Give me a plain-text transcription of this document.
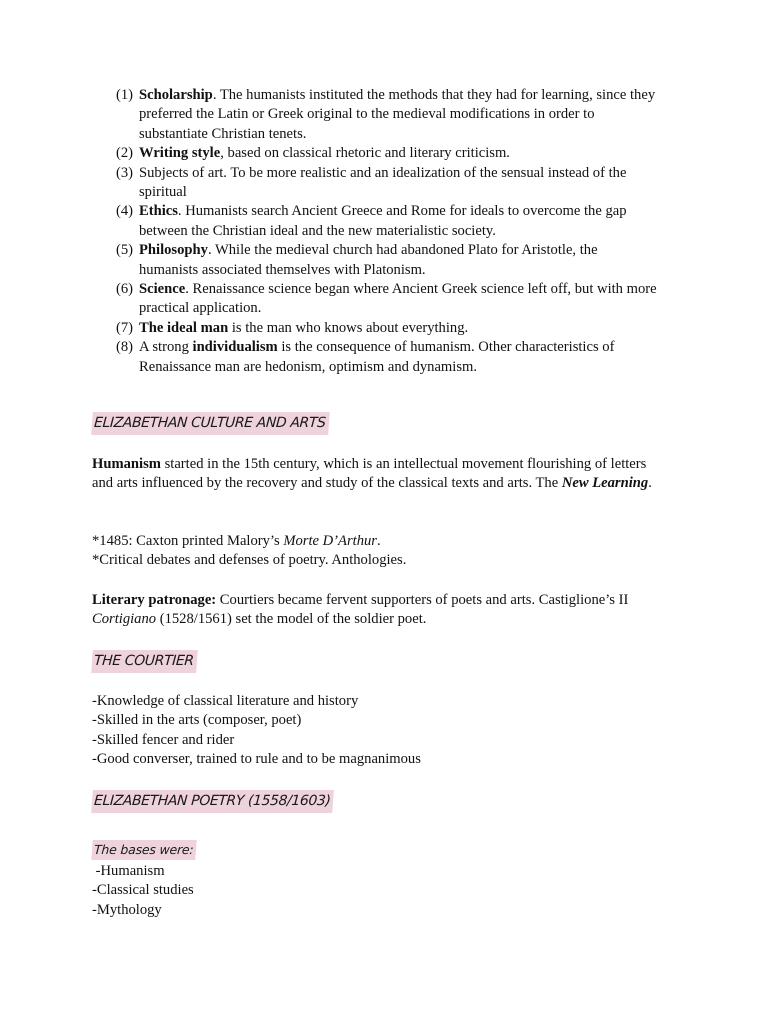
(1) Scholarship. The humanists instituted the methods that they had for learning, since they preferred the Latin or Greek original to the medieval modifications in order to substantiate Christian tenets.
(2) Writing style, based on classical rhetoric and literary criticism.
(3) Subjects of art. To be more realistic and an idealization of the sensual instead of the spiritual
(4) Ethics. Humanists search Ancient Greece and Rome for ideals to overcome the gap between the Christian ideal and the new materialistic society.
(5) Philosophy. While the medieval church had abandoned Plato for Aristotle, the humanists associated themselves with Platonism.
(6) Science. Renaissance science began where Ancient Greek science left off, but with more practical application.
(7) The ideal man is the man who knows about everything.
(8) A strong individualism is the consequence of humanism. Other characteristics of Renaissance man are hedonism, optimism and dynamism.
ELIZABETHAN CULTURE AND ARTS
Humanism started in the 15th century, which is an intellectual movement flourishing of letters and arts influenced by the recovery and study of the classical texts and arts. The New Learning.
*1485: Caxton printed Malory’s Morte D’Arthur.
*Critical debates and defenses of poetry. Anthologies.
Literary patronage: Courtiers became fervent supporters of poets and arts. Castiglione’s II Cortigiano (1528/1561) set the model of the soldier poet.
THE COURTIER
-Knowledge of classical literature and history
-Skilled in the arts (composer, poet)
-Skilled fencer and rider
-Good converser, trained to rule and to be magnanimous
ELIZABETHAN POETRY (1558/1603)
The bases were:
-Humanism
-Classical studies
-Mythology
